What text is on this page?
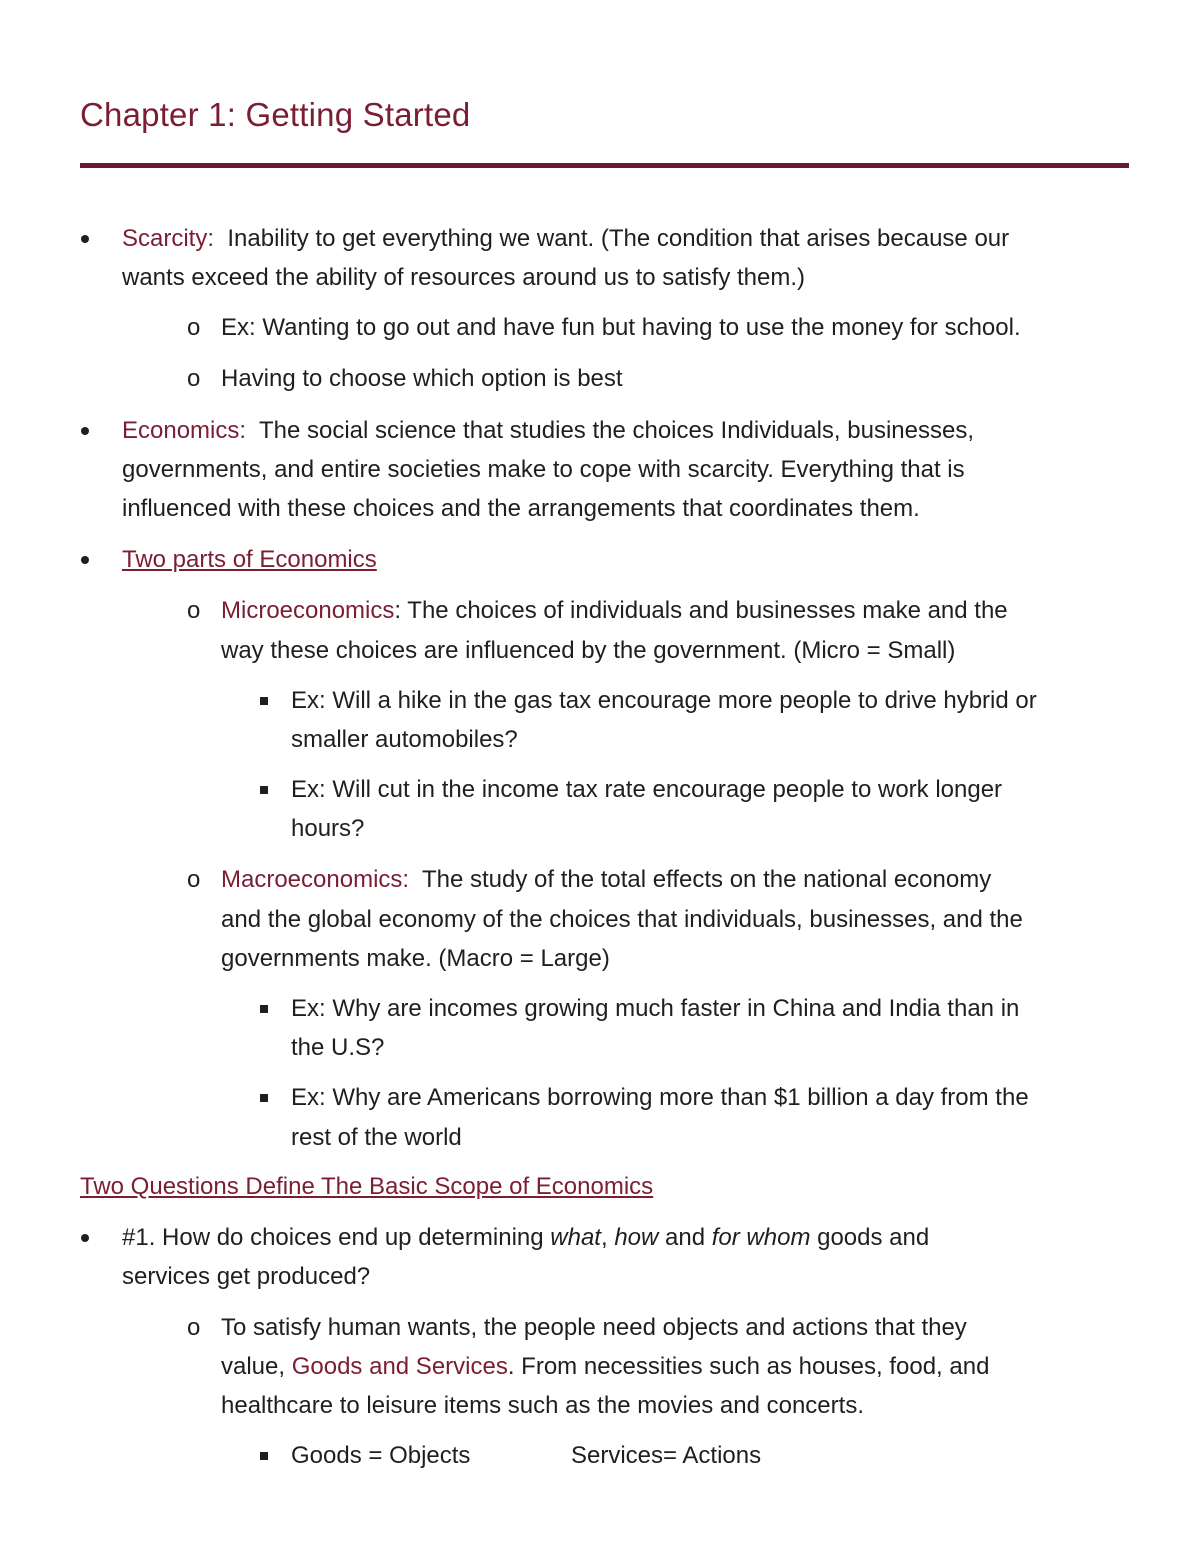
Chapter 1: Getting Started

Scarcity: Inability to get everything we want. (The condition that arises because our

wants exceed the ability of resources around us to satisfy them.)

o Ex: Wanting to go out and have fun but having to use the money for school.

o Having to choose which option is best

Economics: The social science that studies the choices Individuals, businesses,

governments, and entire societies make to cope with scarcity. Everything that is

influenced with these choices and the arrangements that coordinates them.

Two parts of Economics

o Microeconomics: The choices of individuals and businesses make and the

way these choices are influenced by the government. (Micro = Small)

Ex: Will a hike in the gas tax encourage more people to drive hybrid or

smaller automobiles?

Ex: Will cut in the income tax rate encourage people to work longer

hours?

o Macroeconomics: The study of the total effects on the national economy

and the global economy of the choices that individuals, businesses, and the

governments make. (Macro = Large)

Ex: Why are incomes growing much faster in China and India than in

the U.S?

Ex: Why are Americans borrowing more than $1 billion a day from the

rest of the world

Two Questions Define The Basic Scope of Economics

#1. How do choices end up determining what, how and for whom goods and

services get produced?

o To satisfy human wants, the people need objects and actions that they

value, Goods and Services. From necessities such as houses, food, and

healthcare to leisure items such as the movies and concerts.

Goods = Objects	Services= Actions
